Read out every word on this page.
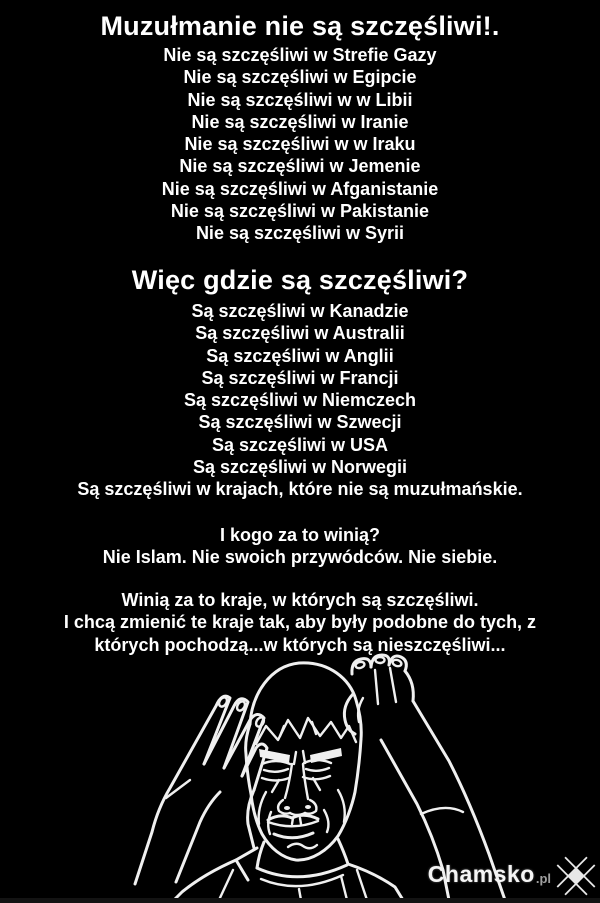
Muzułmanie nie są szczęśliwi!.
Nie są szczęśliwi w Strefie Gazy
Nie są szczęśliwi w Egipcie
Nie są szczęśliwi w w Libii
Nie są szczęśliwi w Iranie
Nie są szczęśliwi w w Iraku
Nie są szczęśliwi w Jemenie
Nie są szczęśliwi w Afganistanie
Nie są szczęśliwi w Pakistanie
Nie są szczęśliwi w Syrii
Więc gdzie są szczęśliwi?
Są szczęśliwi w Kanadzie
Są szczęśliwi w Australii
Są szczęśliwi w Anglii
Są szczęśliwi w Francji
Są szczęśliwi w Niemczech
Są szczęśliwi w Szwecji
Są szczęśliwi w USA
Są szczęśliwi w Norwegii
Są szczęśliwi w krajach, które nie są muzułmańskie.
I kogo za to winią?
Nie Islam. Nie swoich przywódców. Nie siebie.
Winią za to kraje, w których są szczęśliwi.
I chcą zmienić te kraje tak, aby były podobne do tych, z
których pochodzą...w których są nieszczęśliwi...
Chamsko .pl
